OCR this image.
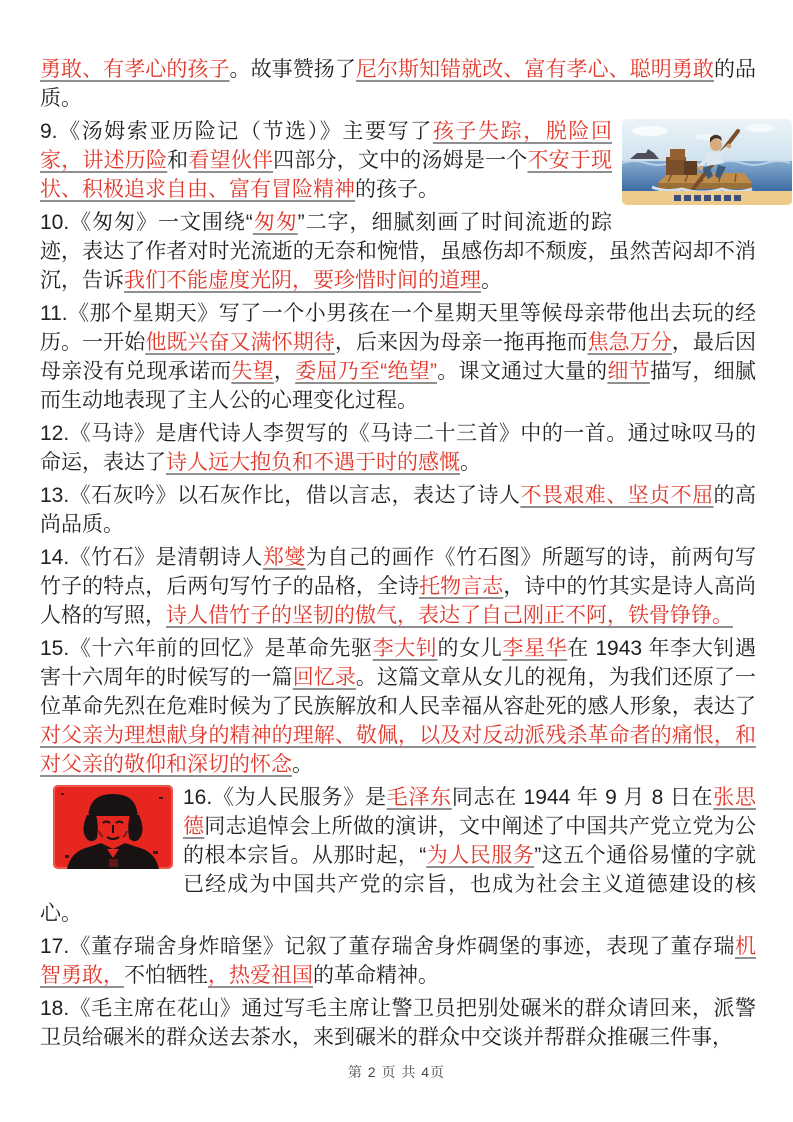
勇敢、有孝心的孩子。故事赞扬了尼尔斯知错就改、富有孝心、聪明勇敢的品质。

9.《汤姆索亚历险记（节选）》主要写了孩子失踪，脱险回家，讲述历险和看望伙伴四部分，文中的汤姆是一个不安于现状、积极追求自由、富有冒险精神的孩子。

10.《匆匆》一文围绕“匆匆”二字，细腻刻画了时间流逝的踪迹，表达了作者对时光流逝的无奈和惋惜，虽感伤却不颓废，虽然苦闷却不消沉，告诉我们不能虚度光阴，要珍惜时间的道理。

11.《那个星期天》写了一个小男孩在一个星期天里等候母亲带他出去玩的经历。一开始他既兴奋又满怀期待，后来因为母亲一拖再拖而焦急万分，最后因母亲没有兑现承诺而失望，委屈乃至“绝望”。课文通过大量的细节描写，细腻而生动地表现了主人公的心理变化过程。

12.《马诗》是唐代诗人李贺写的《马诗二十三首》中的一首。通过咏叹马的命运，表达了诗人远大抱负和不遇于时的感慨。

13.《石灰吟》以石灰作比，借以言志，表达了诗人不畏艰难、坚贞不屈的高尚品质。

14.《竹石》是清朝诗人郑燮为自己的画作《竹石图》所题写的诗，前两句写竹子的特点，后两句写竹子的品格，全诗托物言志，诗中的竹其实是诗人高尚人格的写照，诗人借竹子的坚韧的傲气，表达了自己刚正不阿，铁骨铮铮。

15.《十六年前的回忆》是革命先驱李大钊的女儿李星华在 1943 年李大钊遇害十六周年的时候写的一篇回忆录。这篇文章从女儿的视角，为我们还原了一位革命先烈在危难时候为了民族解放和人民幸福从容赴死的感人形象，表达了对父亲为理想献身的精神的理解、敬佩，以及对反动派残杀革命者的痛恨，和对父亲的敬仰和深切的怀念。

16.《为人民服务》是毛泽东同志在 1944 年 9 月 8 日在张思德同志追悼会上所做的演讲，文中阐述了中国共产党立党为公的根本宗旨。从那时起，“为人民服务”这五个通俗易懂的字就已经成为中国共产党的宗旨，也成为社会主义道德建设的核心。

17.《董存瑞舍身炸暗堡》记叙了董存瑞舍身炸碉堡的事迹，表现了董存瑞机智勇敢，不怕牺牲，热爱祖国的革命精神。

18.《毛主席在花山》通过写毛主席让警卫员把别处碾米的群众请回来，派警卫员给碾米的群众送去茶水，来到碾米的群众中交谈并帮群众推碾三件事，

第 2 页 共 4页
